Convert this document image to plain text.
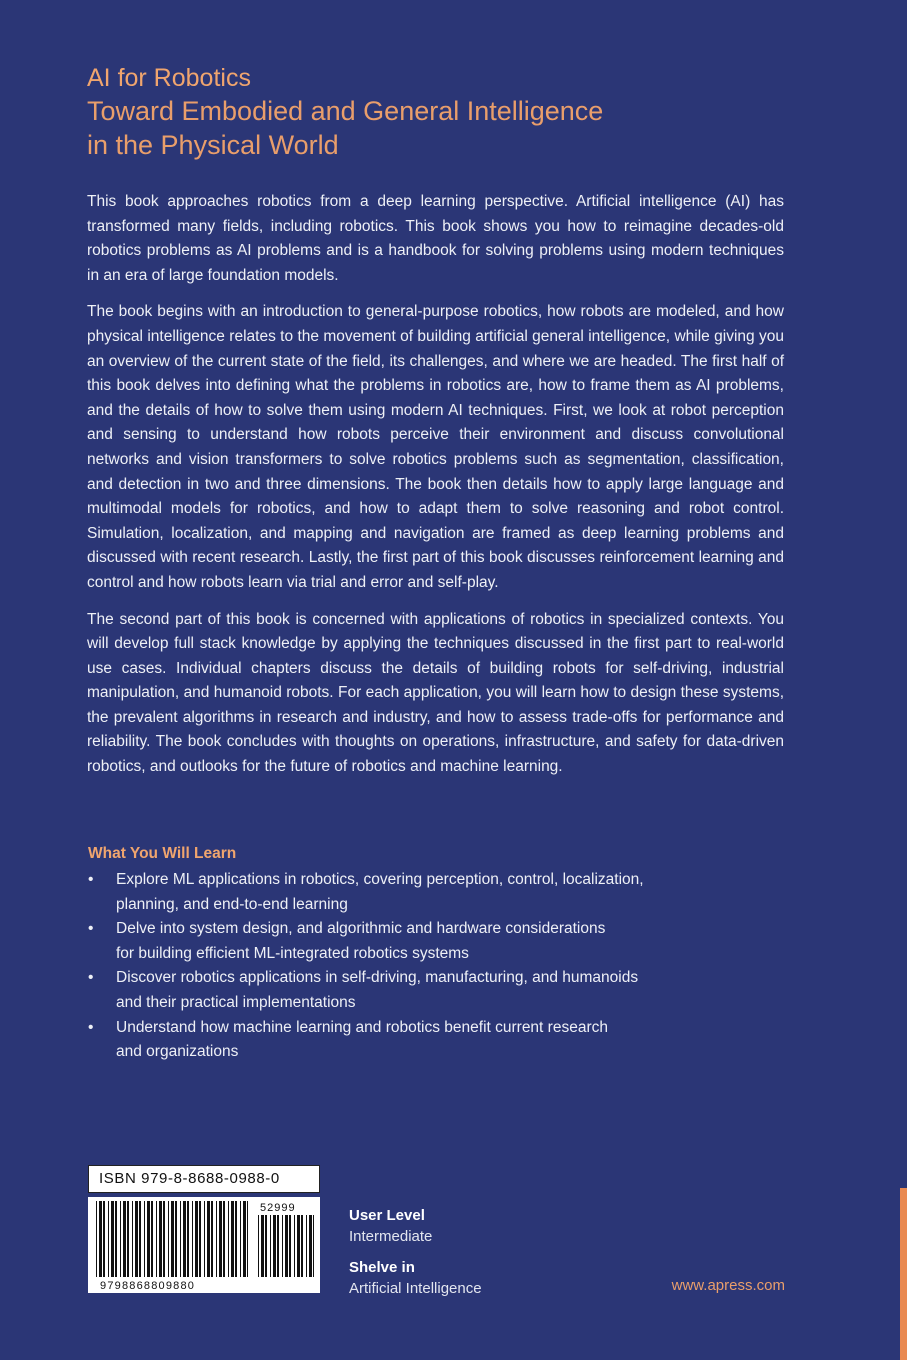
AI for Robotics
Toward Embodied and General Intelligence
in the Physical World

This book approaches robotics from a deep learning perspective. Artificial intelligence (AI) has transformed many fields, including robotics. This book shows you how to reimagine decades-old robotics problems as AI problems and is a handbook for solving problems using modern techniques in an era of large foundation models.

The book begins with an introduction to general-purpose robotics, how robots are modeled, and how physical intelligence relates to the movement of building artificial general intelligence, while giving you an overview of the current state of the field, its challenges, and where we are headed. The first half of this book delves into defining what the problems in robotics are, how to frame them as AI problems, and the details of how to solve them using modern AI techniques. First, we look at robot perception and sensing to understand how robots perceive their environment and discuss convolutional networks and vision transformers to solve robotics problems such as segmentation, classification, and detection in two and three dimensions. The book then details how to apply large language and multimodal models for robotics, and how to adapt them to solve reasoning and robot control. Simulation, localization, and mapping and navigation are framed as deep learning problems and discussed with recent research. Lastly, the first part of this book discusses reinforcement learning and control and how robots learn via trial and error and self-play.

The second part of this book is concerned with applications of robotics in specialized contexts. You will develop full stack knowledge by applying the techniques discussed in the first part to real-world use cases. Individual chapters discuss the details of building robots for self-driving, industrial manipulation, and humanoid robots. For each application, you will learn how to design these systems, the prevalent algorithms in research and industry, and how to assess trade-offs for performance and reliability. The book concludes with thoughts on operations, infrastructure, and safety for data-driven robotics, and outlooks for the future of robotics and machine learning.

What You Will Learn
• Explore ML applications in robotics, covering perception, control, localization,
planning, and end-to-end learning
• Delve into system design, and algorithmic and hardware considerations
for building efficient ML-integrated robotics systems
• Discover robotics applications in self-driving, manufacturing, and humanoids
and their practical implementations
• Understand how machine learning and robotics benefit current research
and organizations
ISBN 979-8-8688-0988-0
52999
9798868809880
User Level
Intermediate
Shelve in
Artificial Intelligence	www.apress.com
